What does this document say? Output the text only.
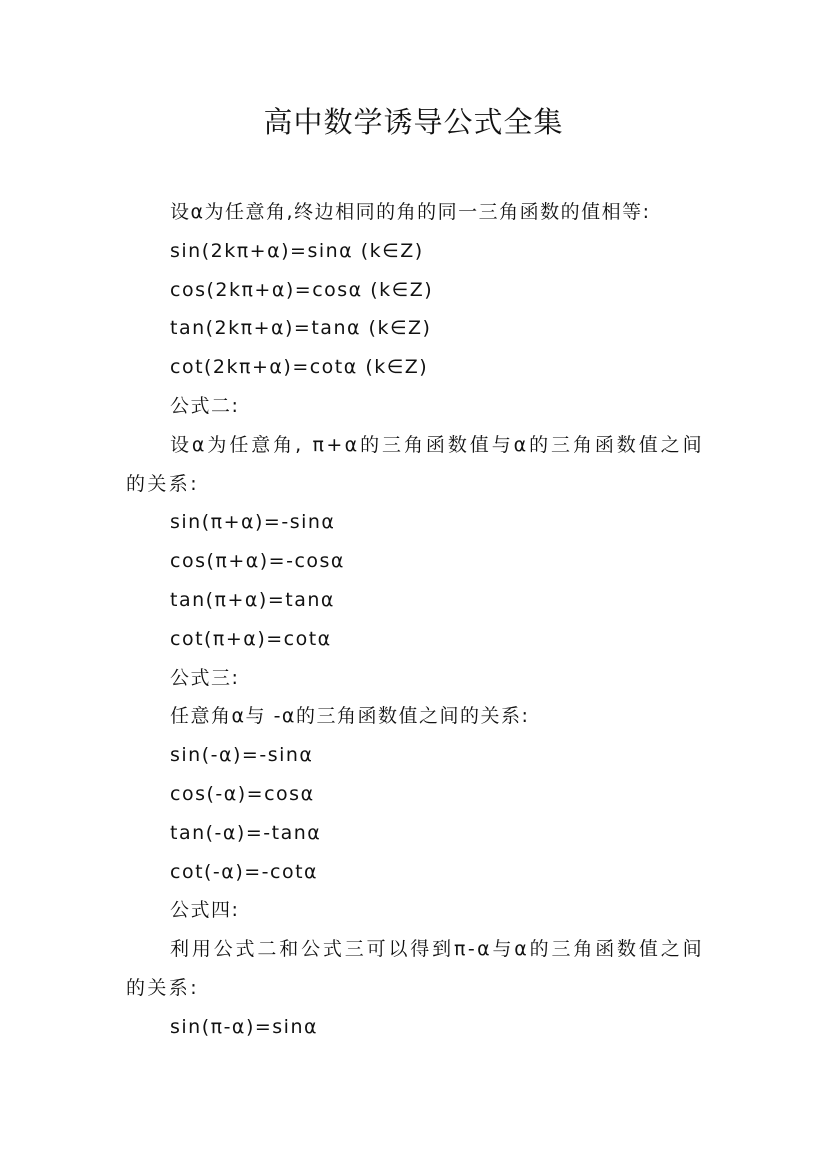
高中数学诱导公式全集
设α为任意角,终边相同的角的同一三角函数的值相等:
sin(2kπ+α)=sinα (k∈Z)
cos(2kπ+α)=cosα (k∈Z)
tan(2kπ+α)=tanα (k∈Z)
cot(2kπ+α)=cotα (k∈Z)
公式二:
设α为任意角, π+α的三角函数值与α的三角函数值之间的关系:
sin(π+α)=-sinα
cos(π+α)=-cosα
tan(π+α)=tanα
cot(π+α)=cotα
公式三:
任意角α与 -α的三角函数值之间的关系:
sin(-α)=-sinα
cos(-α)=cosα
tan(-α)=-tanα
cot(-α)=-cotα
公式四:
利用公式二和公式三可以得到π-α与α的三角函数值之间的关系:
sin(π-α)=sinα
